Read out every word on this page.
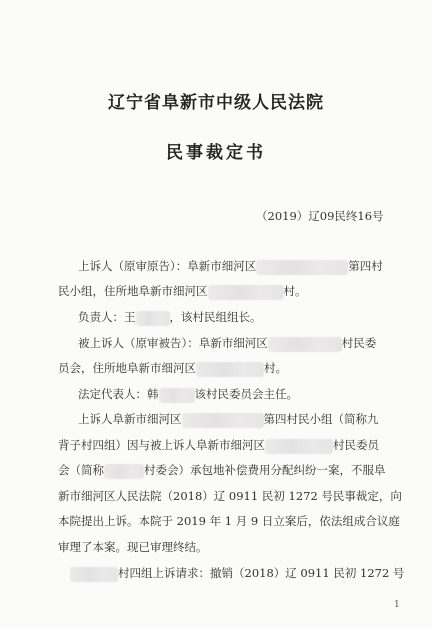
辽宁省阜新市中级人民法院
民事裁定书
（2019）辽09民终16号
上诉人（原审原告）：阜新市细河区	第四村
民小组，住所地阜新市细河区	村。
负责人：王	，该村民组组长。
被上诉人（原审被告）：阜新市细河区	村民委
员会，住所地阜新市细河区	村。
法定代表人：韩	该村民委员会主任。
上诉人阜新市细河区	第四村民小组（简称九
背子村四组）因与被上诉人阜新市细河区	村民委员
会（简称	村委会）承包地补偿费用分配纠纷一案，不服阜
新市细河区人民法院（2018）辽 0911 民初 1272 号民事裁定，向
本院提出上诉。本院于 2019 年 1 月 9 日立案后，依法组成合议庭
审理了本案。现已审理终结。
村四组上诉请求：撤销（2018）辽 0911 民初 1272 号
1
